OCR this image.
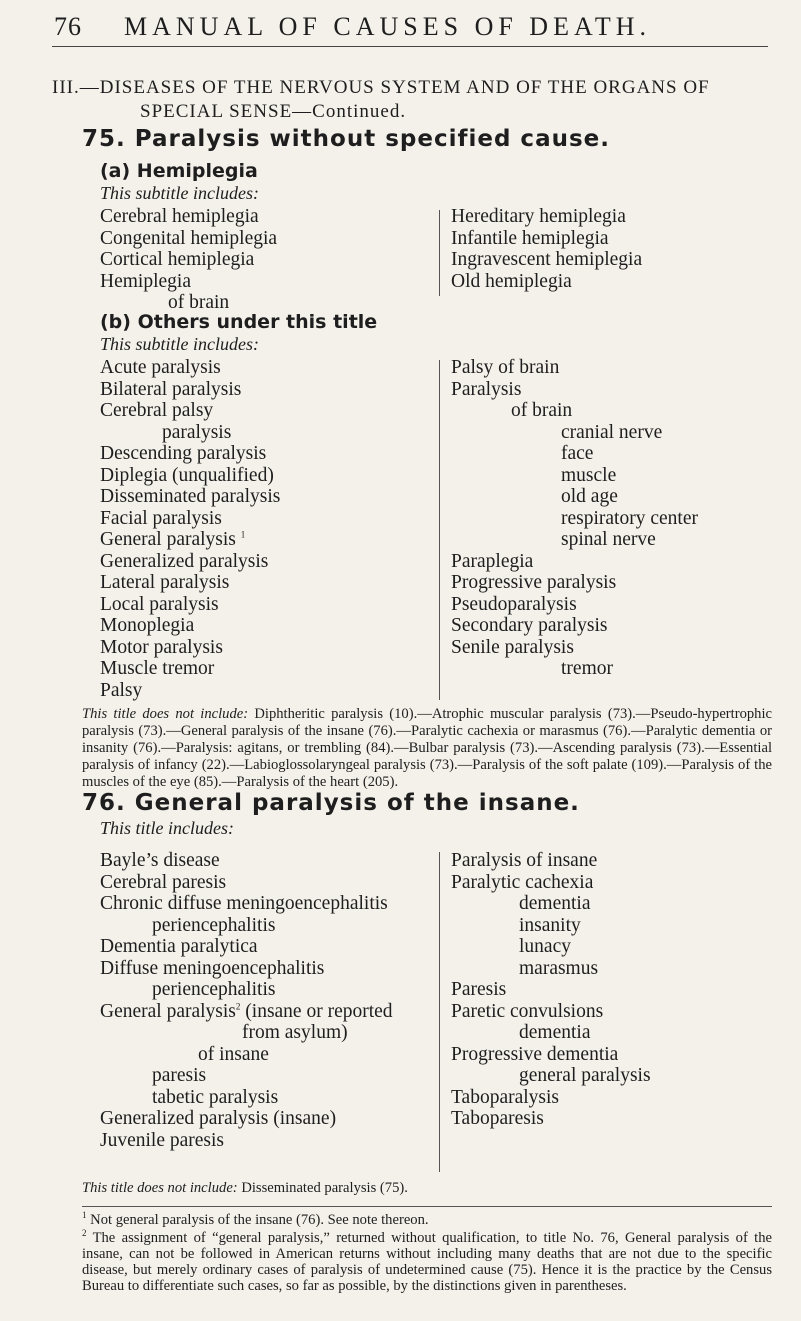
76 MANUAL OF CAUSES OF DEATH.
III.—DISEASES OF THE NERVOUS SYSTEM AND OF THE ORGANS OF
SPECIAL SENSE—Continued.
75. Paralysis without specified cause.
(a) Hemiplegia
This subtitle includes:
Cerebral hemiplegia
Congenital hemiplegia
Cortical hemiplegia
Hemiplegia
of brain
Hereditary hemiplegia
Infantile hemiplegia
Ingravescent hemiplegia
Old hemiplegia
(b) Others under this title
This subtitle includes:
Acute paralysis
Bilateral paralysis
Cerebral palsy
paralysis
Descending paralysis
Diplegia (unqualified)
Disseminated paralysis
Facial paralysis
General paralysis $^1$
Generalized paralysis
Lateral paralysis
Local paralysis
Monoplegia
Motor paralysis
Muscle tremor
Palsy
Palsy of brain
Paralysis
of brain
cranial nerve
face
muscle
old age
respiratory center
spinal nerve
Paraplegia
Progressive paralysis
Pseudoparalysis
Secondary paralysis
Senile paralysis
tremor
This title does not include: Diphtheritic paralysis (10).—Atrophic muscular paralysis (73).—Pseudo-hypertrophic paralysis (73).—General paralysis of the insane (76).—Paralytic cachexia or marasmus (76).—Paralytic dementia or insanity (76).—Paralysis: agitans, or trembling (84).—Bulbar paralysis (73).—Ascending paralysis (73).—Essential paralysis of infancy (22).—Labioglossolaryngeal paralysis (73).—Paralysis of the soft palate (109).—Paralysis of the muscles of the eye (85).—Paralysis of the heart (205).
76. General paralysis of the insane.
This title includes:
Bayle’s disease
Cerebral paresis
Chronic diffuse meningoencephalitis
periencephalitis
Dementia paralytica
Diffuse meningoencephalitis
periencephalitis
General paralysis$^2$ (insane or reported
from asylum)
of insane
paresis
tabetic paralysis
Generalized paralysis (insane)
Juvenile paresis
Paralysis of insane
Paralytic cachexia
dementia
insanity
lunacy
marasmus
Paresis
Paretic convulsions
dementia
Progressive dementia
general paralysis
Taboparalysis
Taboparesis
This title does not include: Disseminated paralysis (75).
$^1$ Not general paralysis of the insane (76). See note thereon.
$^2$ The assignment of “general paralysis,” returned without qualification, to title No. 76, General paralysis of the insane, can not be followed in American returns without including many deaths that are not due to the specific disease, but merely ordinary cases of paralysis of undetermined cause (75). Hence it is the practice by the Census Bureau to differentiate such cases, so far as possible, by the distinctions given in parentheses.
